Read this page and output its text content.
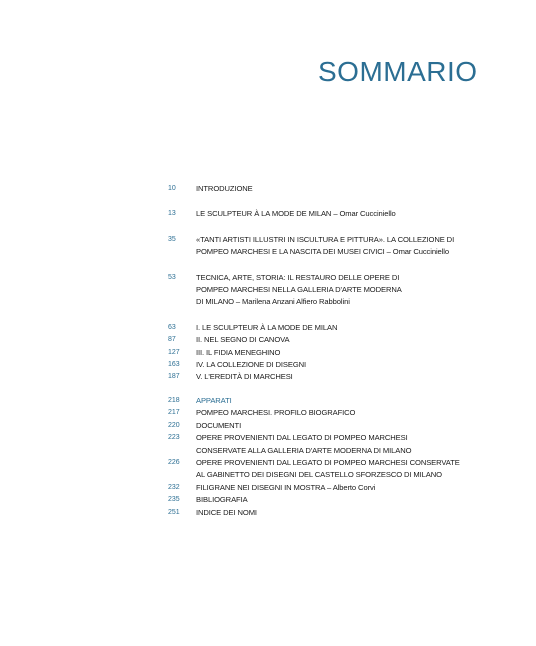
SOMMARIO
10	INTRODUZIONE
13	LE SCULPTEUR À LA MODE DE MILAN – Omar Cucciniello
35	«TANTI ARTISTI ILLUSTRI IN ISCULTURA E PITTURA». LA COLLEZIONE DI
POMPEO MARCHESI E LA NASCITA DEI MUSEI CIVICI – Omar Cucciniello
53	TECNICA, ARTE, STORIA: IL RESTAURO DELLE OPERE DI
POMPEO MARCHESI NELLA GALLERIA D'ARTE MODERNA
DI MILANO – Marilena Anzani Alfiero Rabbolini
63	I. LE SCULPTEUR À LA MODE DE MILAN
87	II. NEL SEGNO DI CANOVA
127	III. IL FIDIA MENEGHINO
163	IV. LA COLLEZIONE DI DISEGNI
187	V. L'EREDITÀ DI MARCHESI
218	APPARATI
217	POMPEO MARCHESI. PROFILO BIOGRAFICO
220	DOCUMENTI
223	OPERE PROVENIENTI DAL LEGATO DI POMPEO MARCHESI
CONSERVATE ALLA GALLERIA D'ARTE MODERNA DI MILANO
226	OPERE PROVENIENTI DAL LEGATO DI POMPEO MARCHESI CONSERVATE
AL GABINETTO DEI DISEGNI DEL CASTELLO SFORZESCO DI MILANO
232	FILIGRANE NEI DISEGNI IN MOSTRA – Alberto Corvi
235	BIBLIOGRAFIA
251	INDICE DEI NOMI
